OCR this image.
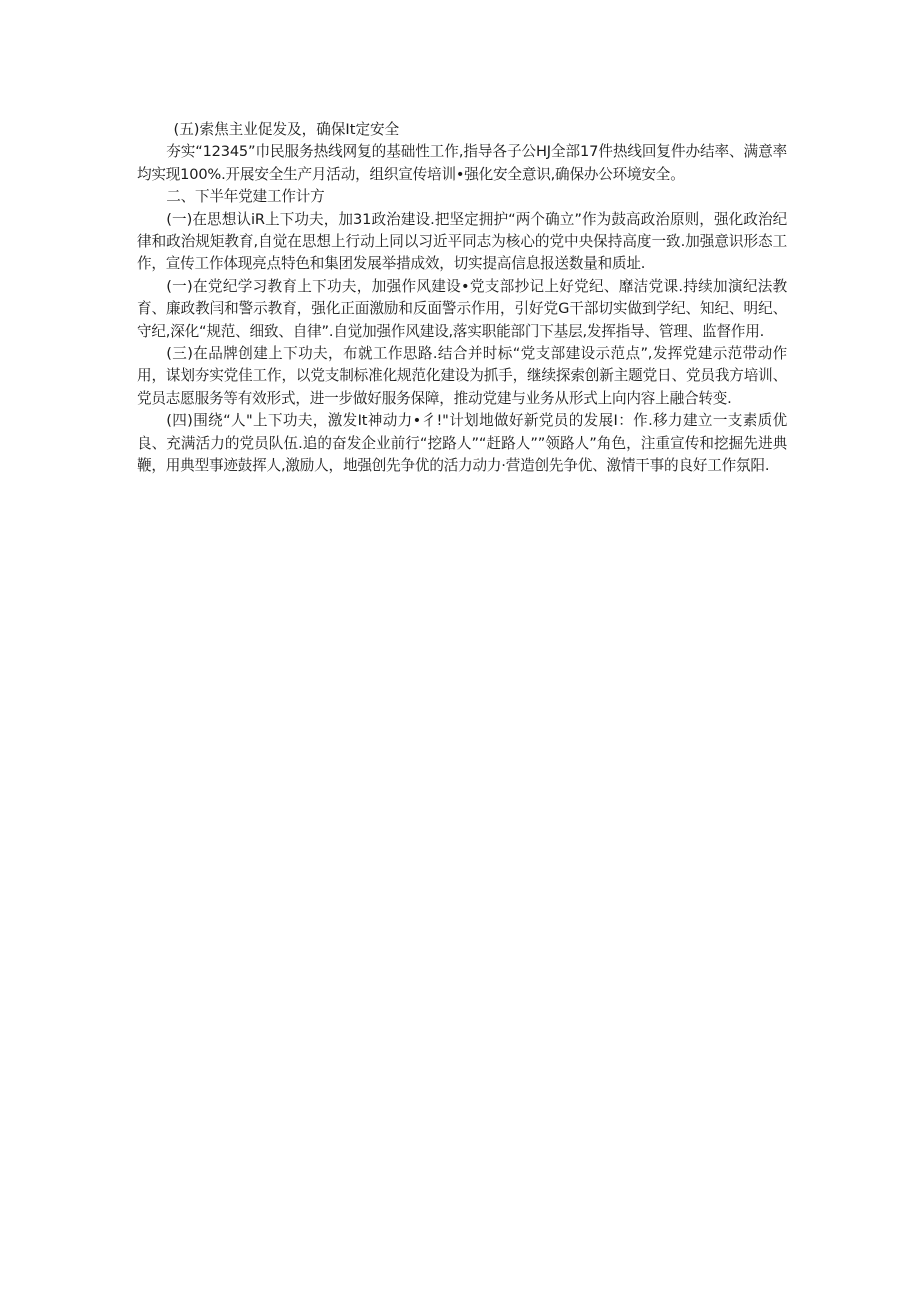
(五)索焦主业促发及，确保It定安全

夯实“12345”巾民服务热线网复的基础性工作,指导各子公HJ全部17件热线回复件办结率、满意率均实现100%.开展安全生产月活动，组织宣传培训•强化安全意识,确保办公环境安全。

二、下半年党建工作计方

(一)在思想认iR上下功夫，加31政治建设.把坚定拥护“两个确立”作为鼓高政治原则，强化政治纪律和政治规矩教育,自觉在思想上行动上同以习近平同志为核心的党中央保持高度一致.加强意识形态工作，宣传工作体现亮点特色和集团发展举措成效，切实提高信息报送数量和质址.

(一)在党纪学习教育上下功夫，加强作风建设•党支部抄记上好党纪、靡洁党课.持续加演纪法教育、廉政教闫和警示教育，强化正面激励和反面警示作用，引好党G干部切实做到学纪、知纪、明纪、守纪,深化“规范、细致、自律”.自觉加强作风建设,落实职能部门下基层,发挥指导、管理、监督作用.

(三)在品牌创建上下功夫，布就工作思路.结合并时标“党支部建设示范点”,发挥党建示范带动作用，谋划夯实党佳工作，以党支制标准化规范化建设为抓手，继续探索创新主题党日、党员我方培训、党员志愿服务等有效形式，进一步做好服务保障，推动党建与业务从形式上向内容上融合转变.

(四)围绕“人"上下功夫，激发It神动力•彳!"计划地做好新党员的发展I：作.移力建立一支素质优良、充满活力的党员队伍.追的奋发企业前行“挖路人”“赶路人””领路人”角色，注重宣传和挖掘先进典鞭，用典型事迹鼓挥人,激励人，地强创先争优的活力动力·营造创先争优、激情干事的良好工作氛阳.
